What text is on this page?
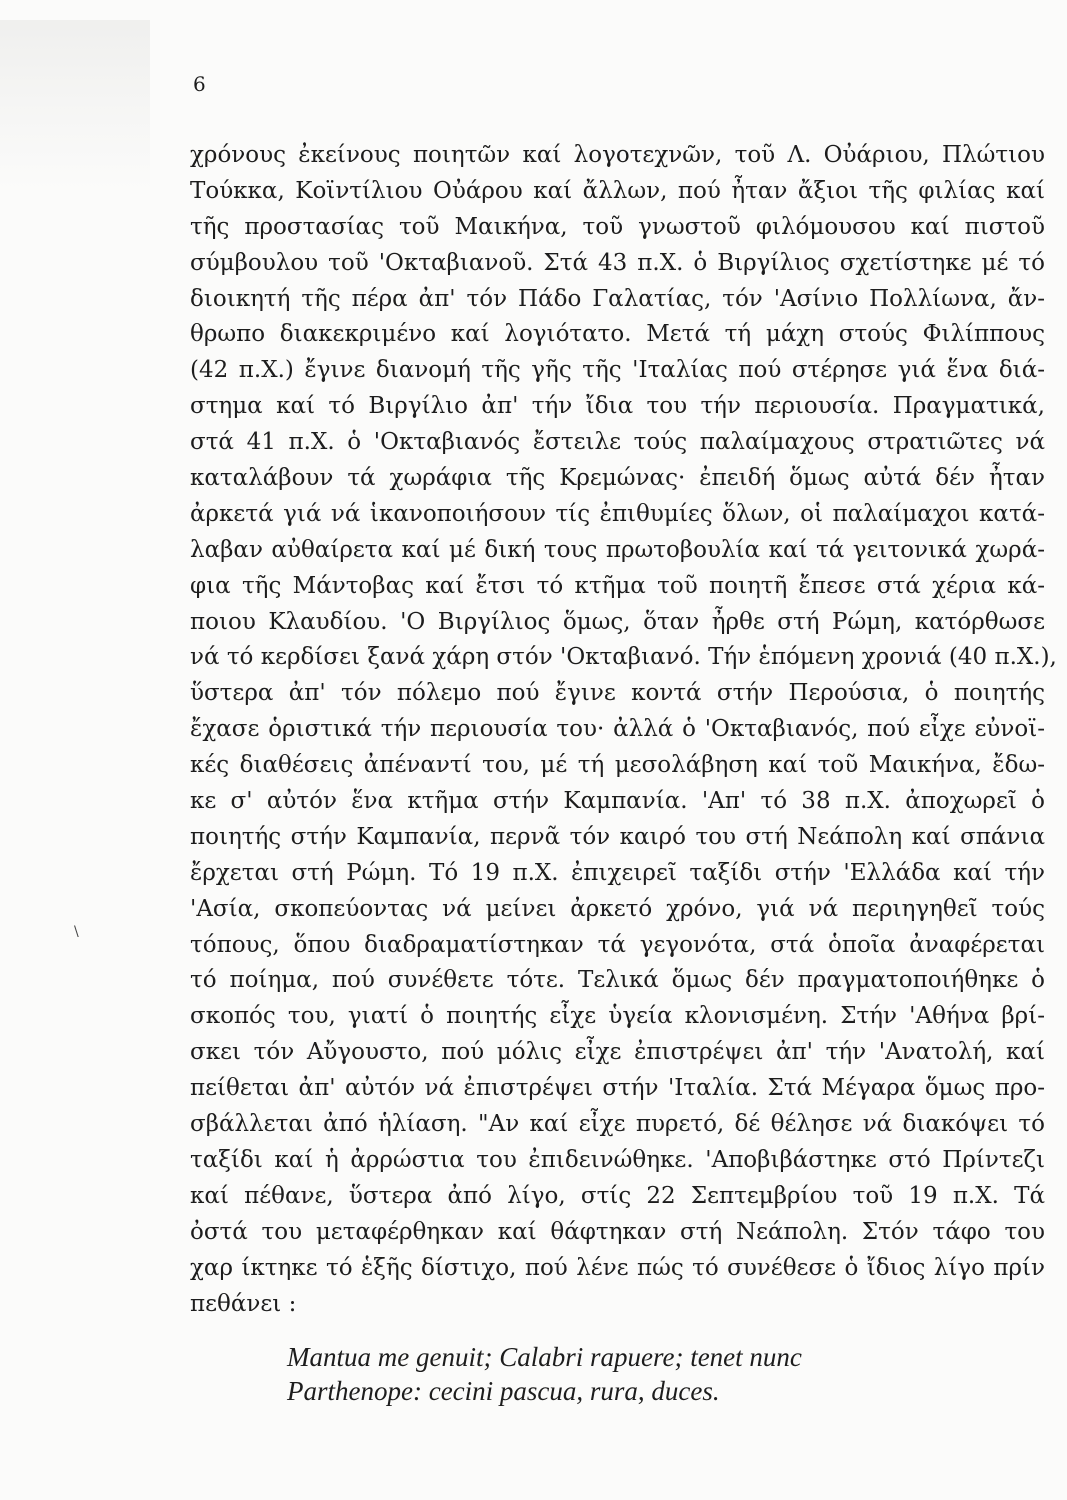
6
χρόνους ἐκείνους ποιητῶν καί λογοτεχνῶν, τοῦ Λ. Οὐάριου, Πλώτιου
Τούκκα, Κοϊντίλιου Οὐάρου καί ἄλλων, πού ἦταν ἄξιοι τῆς φιλίας καί
τῆς προστασίας τοῦ Μαικήνα, τοῦ γνωστοῦ φιλόμουσου καί πιστοῦ
σύμβουλου τοῦ 'Οκταβιανοῦ. Στά 43 π.Χ. ὁ Βιργίλιος σχετίστηκε μέ τό
διοικητή τῆς πέρα ἀπ' τόν Πάδο Γαλατίας, τόν 'Ασίνιο Πολλίωνα, ἄν-
θρωπο διακεκριμένο καί λογιότατο. Μετά τή μάχη στούς Φιλίππους
(42 π.Χ.) ἔγινε διανομή τῆς γῆς τῆς 'Ιταλίας πού στέρησε γιά ἕνα διά-
στημα καί τό Βιργίλιο ἀπ' τήν ἴδια του τήν περιουσία. Πραγματικά,
στά 41 π.Χ. ὁ 'Οκταβιανός ἔστειλε τούς παλαίμαχους στρατιῶτες νά
καταλάβουν τά χωράφια τῆς Κρεμώνας· ἐπειδή ὅμως αὐτά δέν ἦταν
ἀρκετά γιά νά ἱκανοποιήσουν τίς ἐπιθυμίες ὅλων, οἱ παλαίμαχοι κατά-
λαβαν αὐθαίρετα καί μέ δική τους πρωτοβουλία καί τά γειτονικά χωρά-
φια τῆς Μάντοβας καί ἔτσι τό κτῆμα τοῦ ποιητῆ ἔπεσε στά χέρια κά-
ποιου Κλαυδίου. 'Ο Βιργίλιος ὅμως, ὅταν ἦρθε στή Ρώμη, κατόρθωσε
νά τό κερδίσει ξανά χάρη στόν 'Οκταβιανό. Τήν ἑπόμενη χρονιά (40 π.Χ.),
ὕστερα ἀπ' τόν πόλεμο πού ἔγινε κοντά στήν Περούσια, ὁ ποιητής
ἔχασε ὁριστικά τήν περιουσία του· ἀλλά ὁ 'Οκταβιανός, πού εἶχε εὐνοϊ-
κές διαθέσεις ἀπέναντί του, μέ τή μεσολάβηση καί τοῦ Μαικήνα, ἔδω-
κε σ' αὐτόν ἕνα κτῆμα στήν Καμπανία. 'Απ' τό 38 π.Χ. ἀποχωρεῖ ὁ
ποιητής στήν Καμπανία, περνᾶ τόν καιρό του στή Νεάπολη καί σπάνια
ἔρχεται στή Ρώμη. Τό 19 π.Χ. ἐπιχειρεῖ ταξίδι στήν 'Ελλάδα καί τήν
'Ασία, σκοπεύοντας νά μείνει ἀρκετό χρόνο, γιά νά περιηγηθεῖ τούς
τόπους, ὅπου διαδραματίστηκαν τά γεγονότα, στά ὁποῖα ἀναφέρεται
τό ποίημα, πού συνέθετε τότε. Τελικά ὅμως δέν πραγματοποιήθηκε ὁ
σκοπός του, γιατί ὁ ποιητής εἶχε ὑγεία κλονισμένη. Στήν 'Αθήνα βρί-
σκει τόν Αὔγουστο, πού μόλις εἶχε ἐπιστρέψει ἀπ' τήν 'Ανατολή, καί
πείθεται ἀπ' αὐτόν νά ἐπιστρέψει στήν 'Ιταλία. Στά Μέγαρα ὅμως προ-
σβάλλεται ἀπό ἡλίαση. "Αν καί εἶχε πυρετό, δέ θέλησε νά διακόψει τό
ταξίδι καί ἡ ἀρρώστια του ἐπιδεινώθηκε. 'Αποβιβάστηκε στό Πρίντεζι
καί πέθανε, ὕστερα ἀπό λίγο, στίς 22 Σεπτεμβρίου τοῦ 19 π.Χ. Τά
ὀστά του μεταφέρθηκαν καί θάφτηκαν στή Νεάπολη. Στόν τάφο του
χαρ ίκτηκε τό ἑξῆς δίστιχο, πού λένε πώς τό συνέθεσε ὁ ἴδιος λίγο πρίν
πεθάνει :
\
Mantua me genuit; Calabri rapuere; tenet nunc
Parthenope: cecini pascua, rura, duces.
